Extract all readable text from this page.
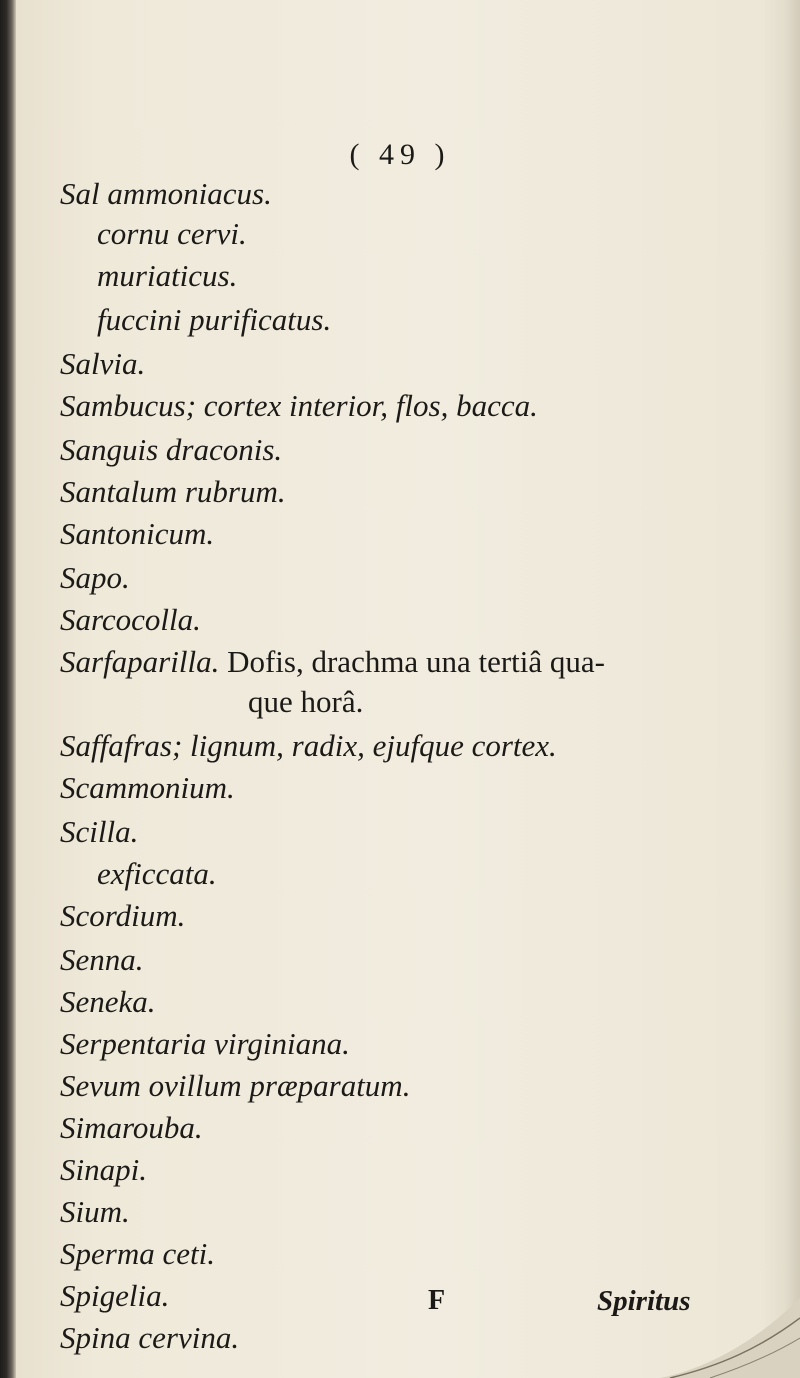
( 49 )
Sal ammoniacus.
cornu cervi.
muriaticus.
fuccini purificatus.
Salvia.
Sambucus; cortex interior, flos, bacca.
Sanguis draconis.
Santalum rubrum.
Santonicum.
Sapo.
Sarcocolla.
Sarfaparilla. Dofis, drachma una tertiâ qua-
que horâ.
Saffafras; lignum, radix, ejufque cortex.
Scammonium.
Scilla.
exficcata.
Scordium.
Senna.
Seneka.
Serpentaria virginiana.
Sevum ovillum præparatum.
Simarouba.
Sinapi.
Sium.
Sperma ceti.
Spigelia.
Spina cervina.
F	Spiritus
